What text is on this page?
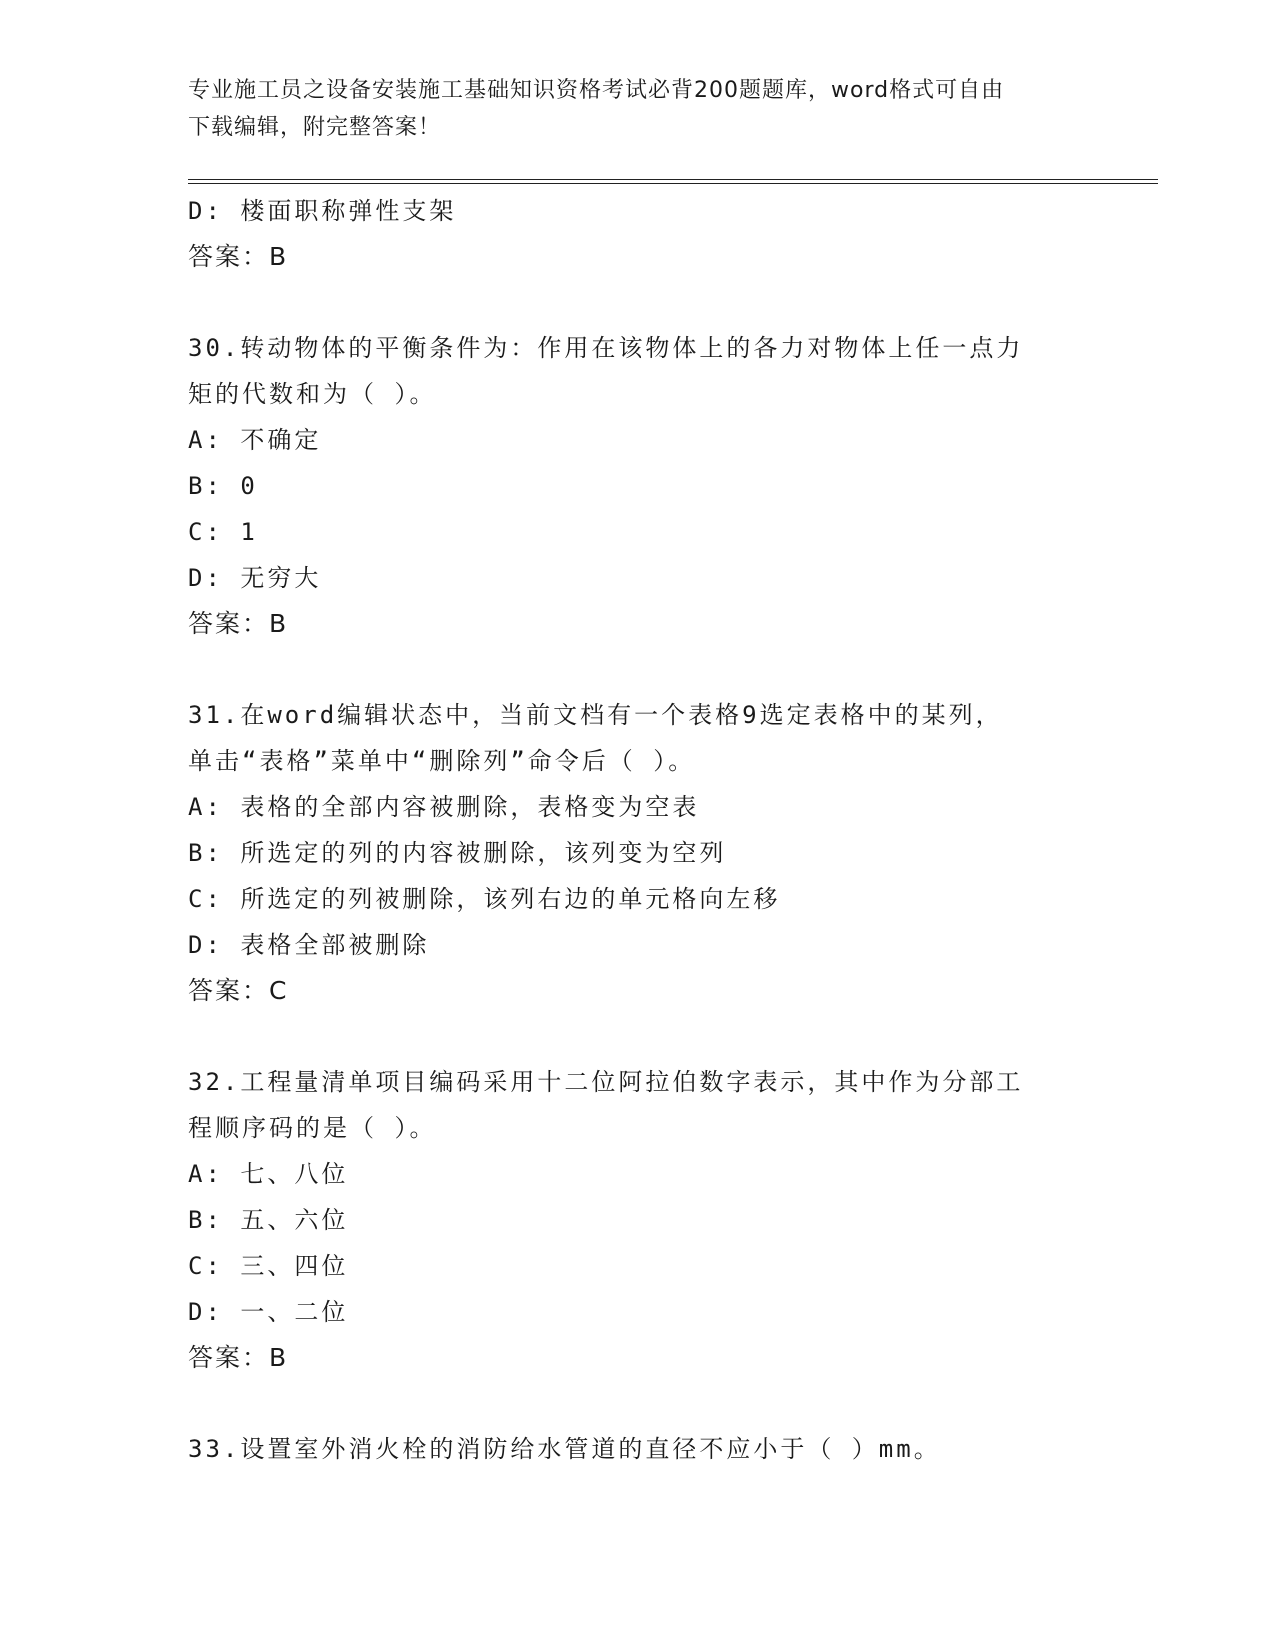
专业施工员之设备安装施工基础知识资格考试必背200题题库，word格式可自由
下载编辑，附完整答案！
D: 楼面职称弹性支架
答案：B
30.转动物体的平衡条件为：作用在该物体上的各力对物体上任一点力
矩的代数和为（ ）。
A: 不确定
B: 0
C: 1
D: 无穷大
答案：B
31.在word编辑状态中，当前文档有一个表格9选定表格中的某列，
单击“表格”菜单中“删除列”命令后（ ）。
A: 表格的全部内容被删除，表格变为空表
B: 所选定的列的内容被删除，该列变为空列
C: 所选定的列被删除，该列右边的单元格向左移
D: 表格全部被删除
答案：C
32.工程量清单项目编码采用十二位阿拉伯数字表示，其中作为分部工
程顺序码的是（ ）。
A: 七、八位
B: 五、六位
C: 三、四位
D: 一、二位
答案：B
33.设置室外消火栓的消防给水管道的直径不应小于（ ）mm。
